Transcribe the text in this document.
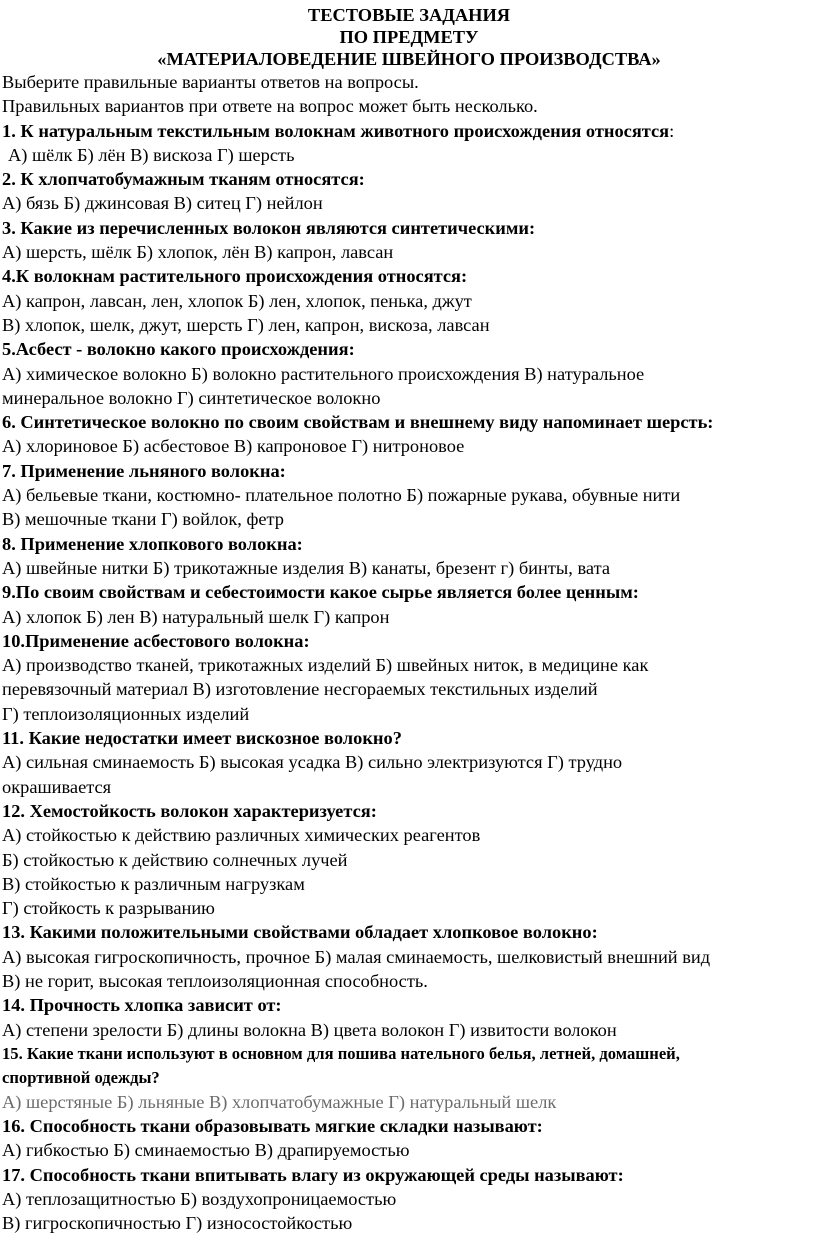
ТЕСТОВЫЕ ЗАДАНИЯ
ПО ПРЕДМЕТУ
«МАТЕРИАЛОВЕДЕНИЕ ШВЕЙНОГО ПРОИЗВОДСТВА»
Выберите правильные варианты ответов на вопросы.
Правильных вариантов при ответе на вопрос может быть несколько.
1. К натуральным текстильным волокнам животного происхождения относятся:
А) шёлк Б) лён В) вискоза Г) шерсть
2. К хлопчатобумажным тканям относятся:
А) бязь Б) джинсовая В) ситец Г) нейлон
3. Какие из перечисленных волокон являются синтетическими:
А) шерсть, шёлк Б) хлопок, лён В) капрон, лавсан
4.К волокнам растительного происхождения относятся:
А) капрон, лавсан, лен, хлопок Б) лен, хлопок, пенька, джут
В) хлопок, шелк, джут, шерсть Г) лен, капрон, вискоза, лавсан
5.Асбест - волокно какого происхождения:
А) химическое волокно Б) волокно растительного происхождения В) натуральное
минеральное волокно Г) синтетическое волокно
6. Синтетическое волокно по своим свойствам и внешнему виду напоминает шерсть:
А) хлориновое Б) асбестовое В) капроновое Г) нитроновое
7. Применение льняного волокна:
А) бельевые ткани, костюмно- плательное полотно Б) пожарные рукава, обувные нити
В) мешочные ткани Г) войлок, фетр
8. Применение хлопкового волокна:
А) швейные нитки Б) трикотажные изделия В) канаты, брезент г) бинты, вата
9.По своим свойствам и себестоимости какое сырье является более ценным:
А) хлопок Б) лен В) натуральный шелк Г) капрон
10.Применение асбестового волокна:
А) производство тканей, трикотажных изделий Б) швейных ниток, в медицине как
перевязочный материал В) изготовление несгораемых текстильных изделий
Г) теплоизоляционных изделий
11. Какие недостатки имеет вискозное волокно?
А) сильная сминаемость Б) высокая усадка В) сильно электризуются Г) трудно
окрашивается
12. Хемостойкость волокон характеризуется:
А) стойкостью к действию различных химических реагентов
Б) стойкостью к действию солнечных лучей
В) стойкостью к различным нагрузкам
Г) стойкость к разрыванию
13. Какими положительными свойствами обладает хлопковое волокно:
А) высокая гигроскопичность, прочное Б) малая сминаемость, шелковистый внешний вид
В) не горит, высокая теплоизоляционная способность.
14. Прочность хлопка зависит от:
А) степени зрелости Б) длины волокна В) цвета волокон Г) извитости волокон
15. Какие ткани используют в основном для пошива нательного белья, летней, домашней,
спортивной одежды?
А) шерстяные Б) льняные В) хлопчатобумажные Г) натуральный шелк
16. Способность ткани образовывать мягкие складки называют:
А) гибкостью Б) сминаемостью В) драпируемостью
17. Способность ткани впитывать влагу из окружающей среды называют:
А) теплозащитностью Б) воздухопроницаемостью
В) гигроскопичностью Г) износостойкостью
